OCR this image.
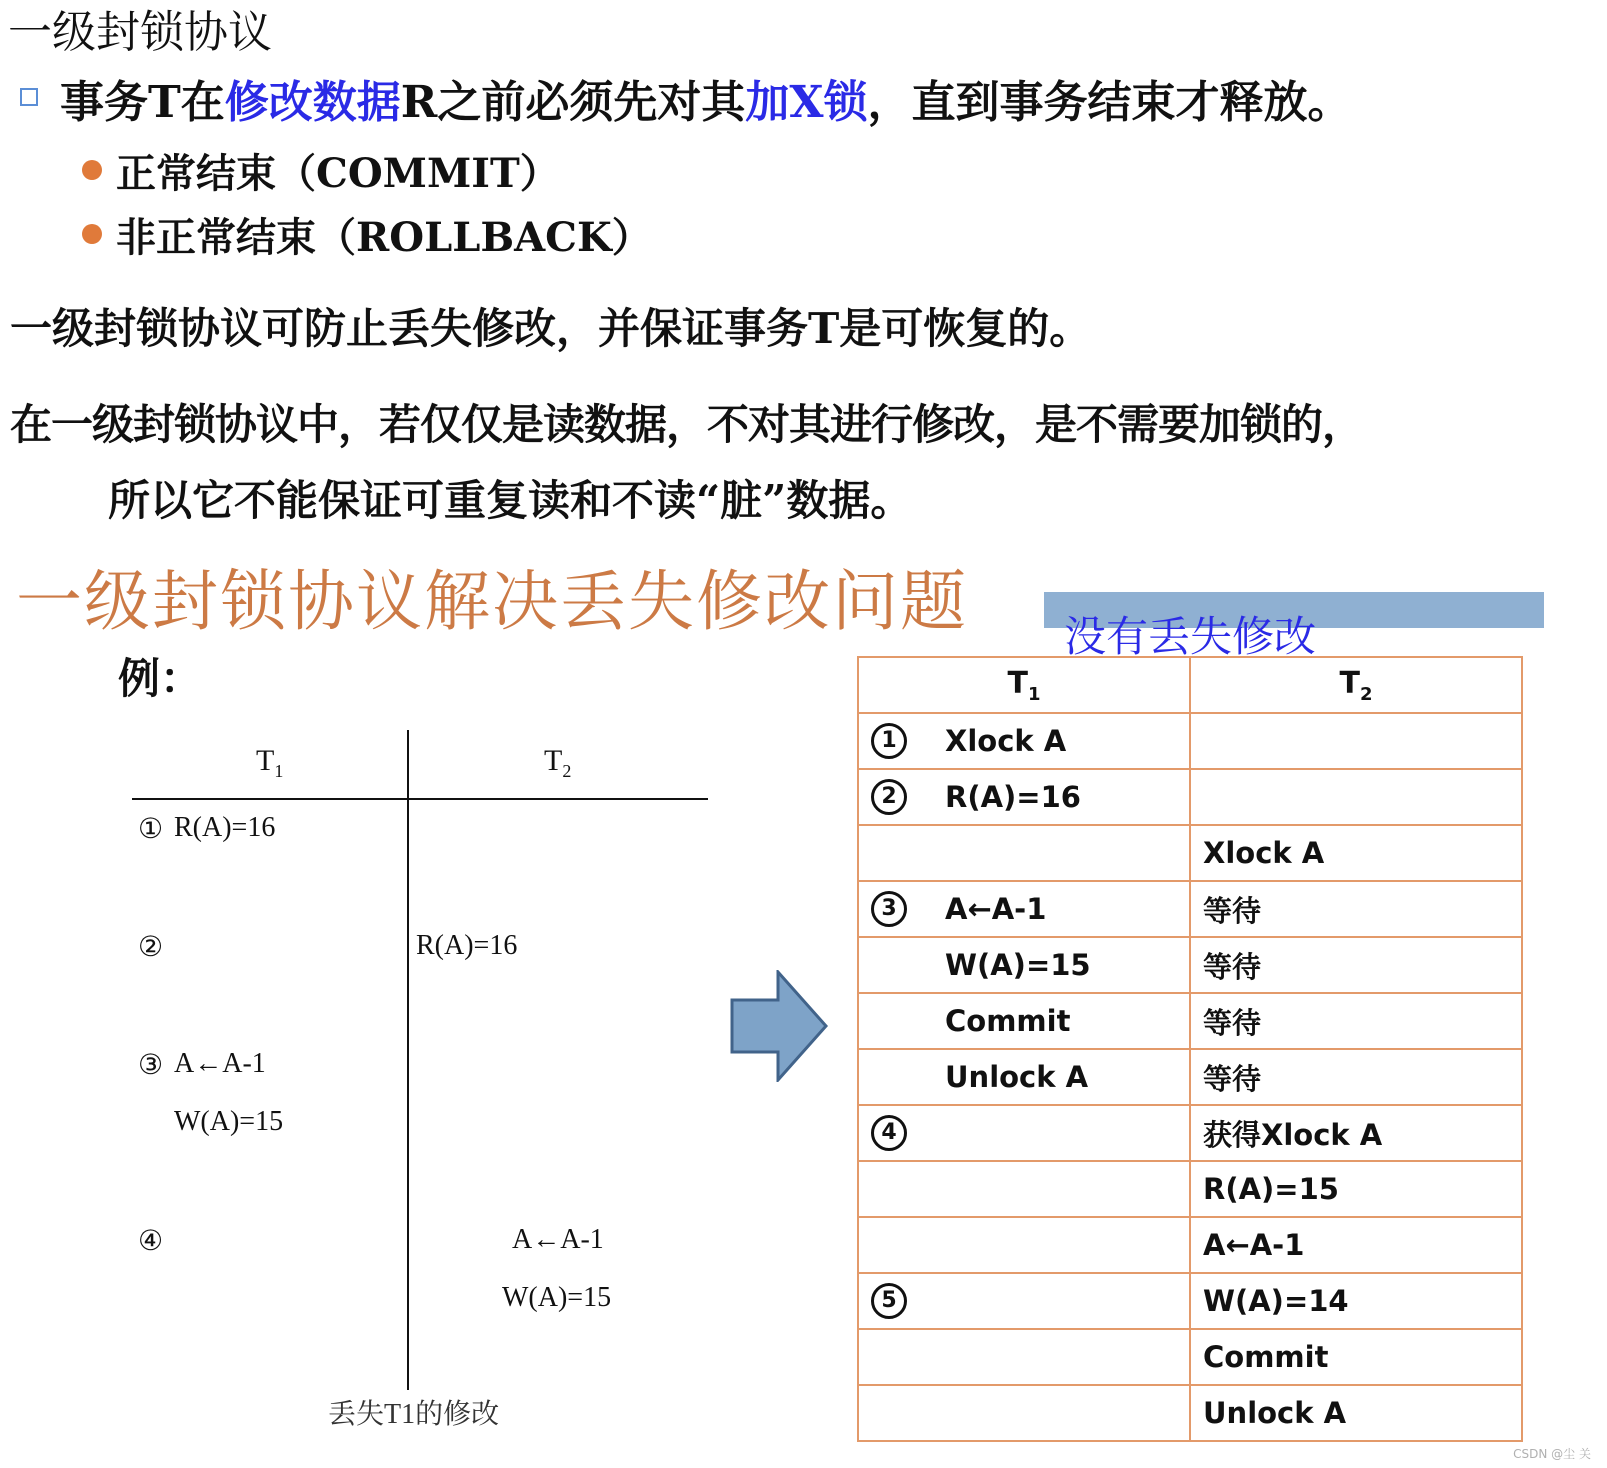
一级封锁协议
事务T在修改数据R之前必须先对其加X锁，直到事务结束才释放。
正常结束（COMMIT）
非正常结束（ROLLBACK）
一级封锁协议可防止丢失修改，并保证事务T是可恢复的。
在一级封锁协议中，若仅仅是读数据，不对其进行修改，是不需要加锁的，
所以它不能保证可重复读和不读“脏”数据。
一级封锁协议解决丢失修改问题 没有丢失修改
例：
$T_1$	$T_2$
① R(A)=16
②	R(A)=16
③ A←A-1
W(A)=15
④	A←A-1
W(A)=15
丢失T1的修改
$T_1$	$T_2$

1 Xlock A	

2 R(A)=16	

	Xlock A

3 A←A-1	等待

W(A)=15	等待

Commit	等待

Unlock A	等待

4	获得Xlock A

	R(A)=15

	A←A-1

5	W(A)=14

	Commit

	Unlock A
CSDN @尘 关
